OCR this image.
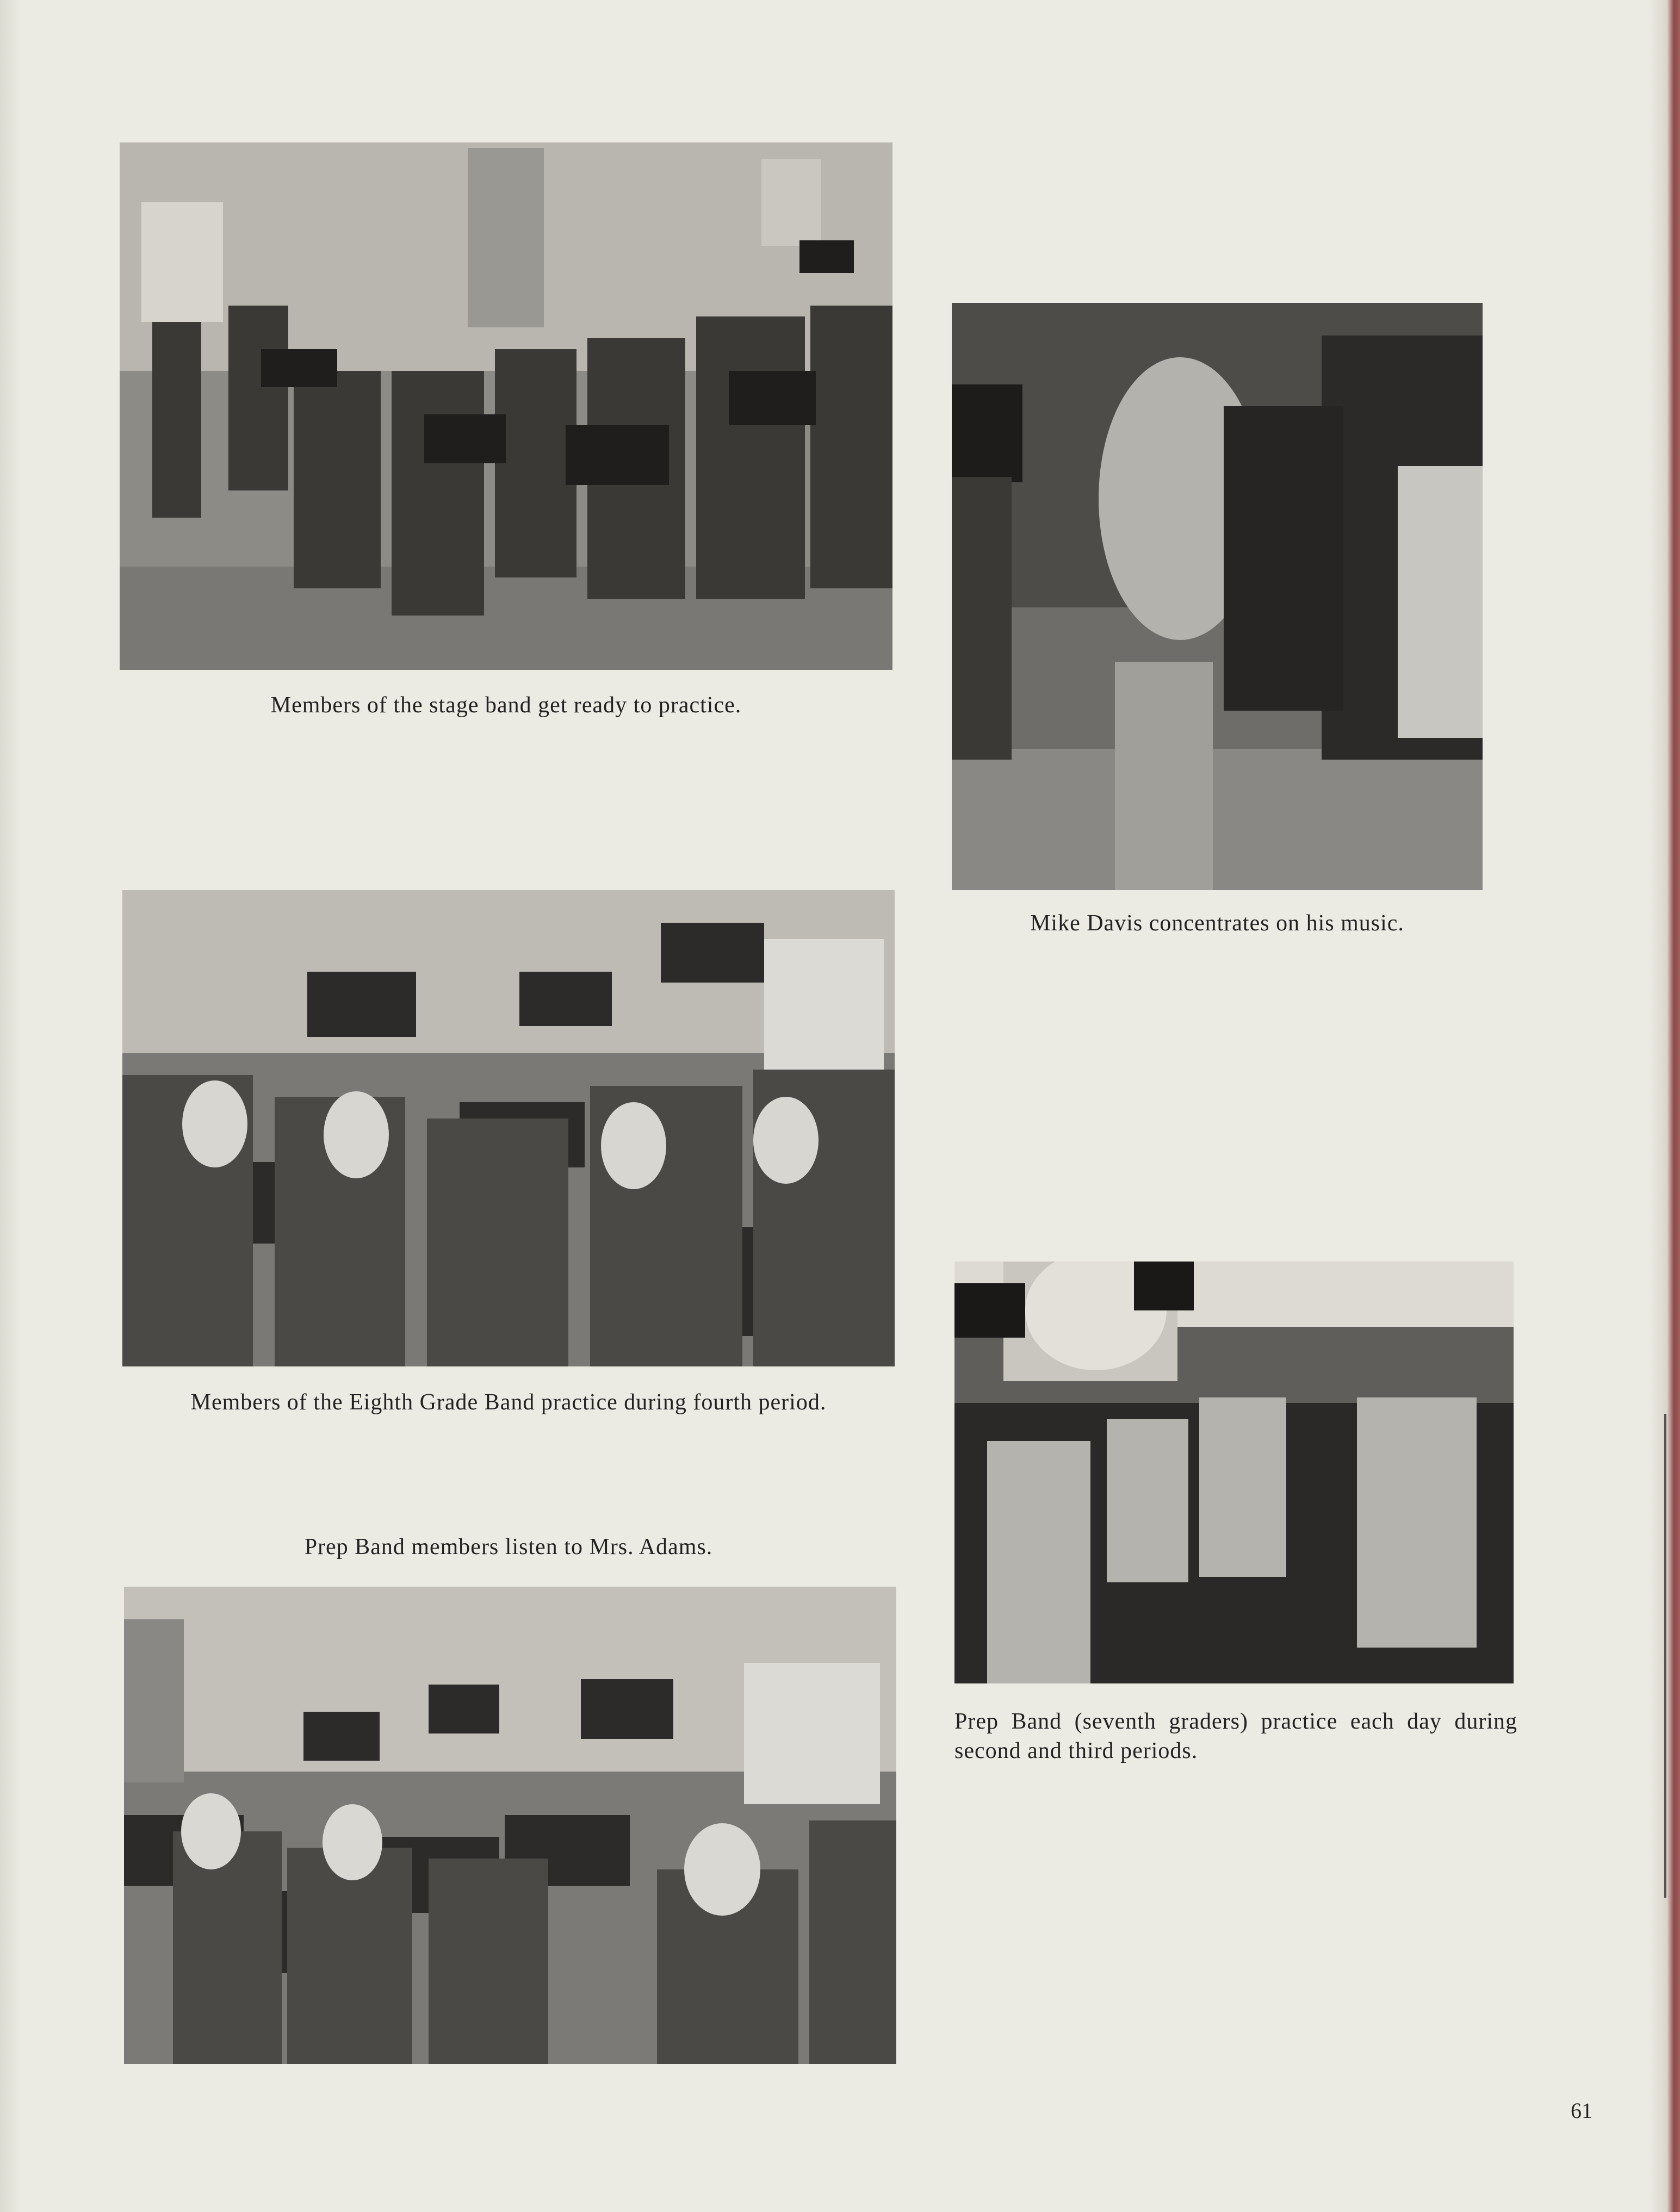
Members of the stage band get ready to practice.
Mike Davis concentrates on his music.
Members of the Eighth Grade Band practice during fourth period.
Prep Band members listen to Mrs. Adams.
Prep Band (seventh graders) practice each day during second and third periods.
61
